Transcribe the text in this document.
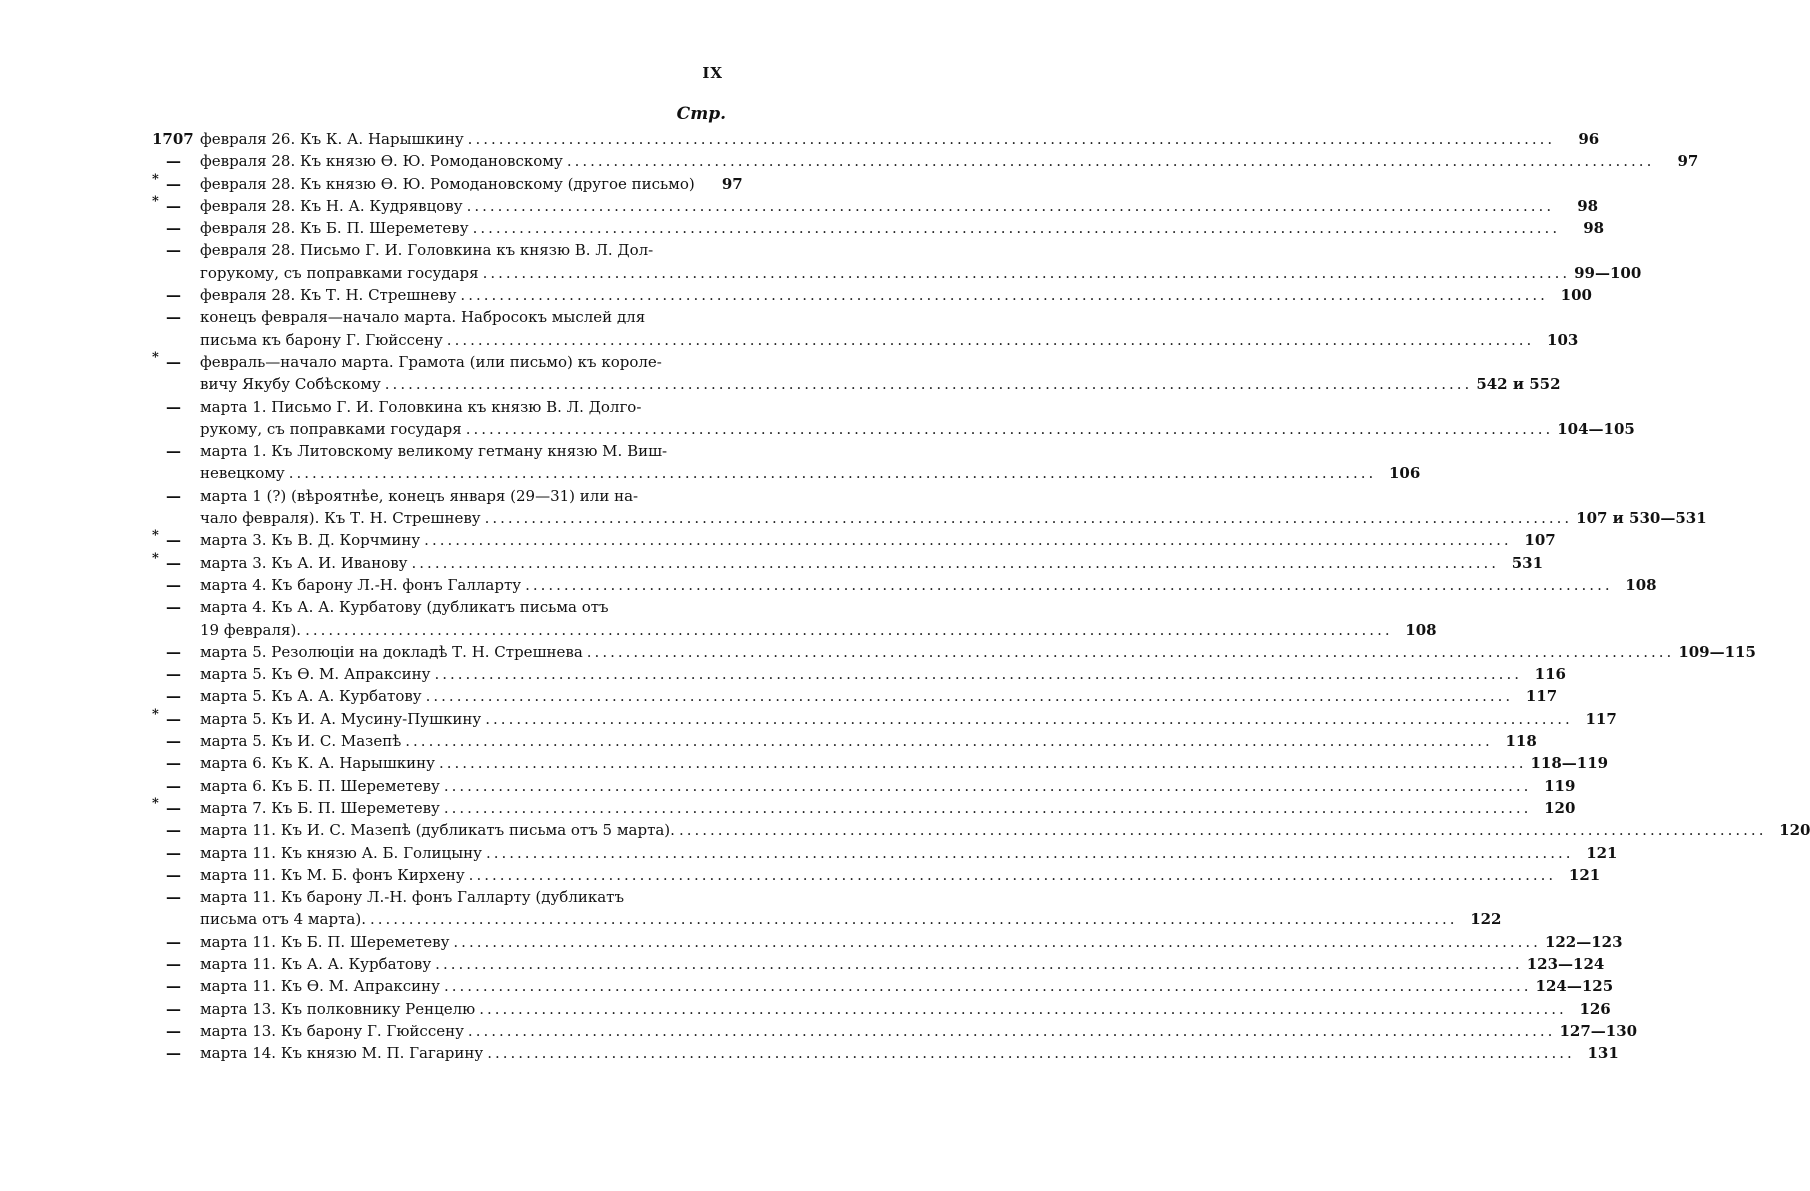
IX
Стр.
1707 февраля 26. Къ К. А. Нарышкину ............................................................................................................................................	96
— февраля 28. Къ князю Ѳ. Ю. Ромодановскому ............................................................................................................................................	97
* — февраля 28. Къ князю Ѳ. Ю. Ромодановскому (другое письмо)	97
* — февраля 28. Къ Н. А. Кудрявцову ............................................................................................................................................	98
— февраля 28. Къ Б. П. Шереметеву ............................................................................................................................................	98
— февраля 28. Письмо Г. И. Головкина къ князю В. Л. Дол-
горукому, съ поправками государя ............................................................................................................................................ 99—100
— февраля 28. Къ Т. Н. Стрешневу ............................................................................................................................................ 100
— конецъ февраля—начало марта. Набросокъ мыслей для
письма къ барону Г. Гюйссену ............................................................................................................................................ 103
* — февраль—начало марта. Грамота (или письмо) къ короле-
вичу Якубу Собѣскому ............................................................................................................................................ 542 и 552
— марта 1. Письмо Г. И. Головкина къ князю В. Л. Долго-
рукому, съ поправками государя ............................................................................................................................................ 104—105
— марта 1. Къ Литовскому великому гетману князю М. Виш-
невецкому ............................................................................................................................................ 106
— марта 1 (?) (вѣроятнѣе, конецъ января (29—31) или на-
чало февраля). Къ Т. Н. Стрешневу ............................................................................................................................................ 107 и 530—531
* — марта 3. Къ В. Д. Корчмину ............................................................................................................................................ 107
* — марта 3. Къ А. И. Иванову ............................................................................................................................................ 531
— марта 4. Къ барону Л.-Н. фонъ Галларту ............................................................................................................................................ 108
— марта 4. Къ А. А. Курбатову (дубликатъ письма отъ
19 февраля). ............................................................................................................................................ 108
— марта 5. Резолюціи на докладѣ Т. Н. Стрешнева ............................................................................................................................................ 109—115
— марта 5. Къ Ѳ. М. Апраксину ............................................................................................................................................ 116
— марта 5. Къ А. А. Курбатову ............................................................................................................................................ 117
* — марта 5. Къ И. А. Мусину-Пушкину ............................................................................................................................................ 117
— марта 5. Къ И. С. Мазепѣ ............................................................................................................................................ 118
— марта 6. Къ К. А. Нарышкину ............................................................................................................................................ 118—119
— марта 6. Къ Б. П. Шереметеву ............................................................................................................................................ 119
* — марта 7. Къ Б. П. Шереметеву ............................................................................................................................................ 120
— марта 11. Къ И. С. Мазепѣ (дубликатъ письма отъ 5 марта). ............................................................................................................................................ 120
— марта 11. Къ князю А. Б. Голицыну ............................................................................................................................................ 121
— марта 11. Къ М. Б. фонъ Кирхену ............................................................................................................................................ 121
— марта 11. Къ барону Л.-Н. фонъ Галларту (дубликатъ
письма отъ 4 марта). ............................................................................................................................................ 122
— марта 11. Къ Б. П. Шереметеву ............................................................................................................................................ 122—123
— марта 11. Къ А. А. Курбатову ............................................................................................................................................ 123—124
— марта 11. Къ Ѳ. М. Апраксину ............................................................................................................................................ 124—125
— марта 13. Къ полковнику Ренцелю ............................................................................................................................................ 126
— марта 13. Къ барону Г. Гюйссену ............................................................................................................................................ 127—130
— марта 14. Къ князю М. П. Гагарину ............................................................................................................................................ 131
